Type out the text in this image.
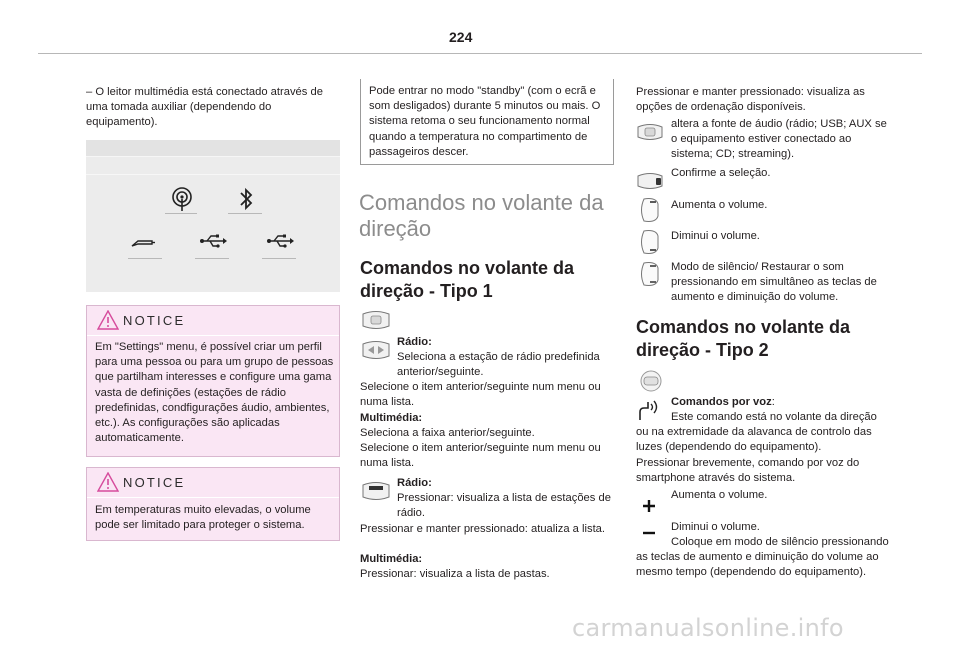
224
– O leitor multimédia está conectado através de uma tomada auxiliar (dependendo do equipamento).
NOTICE
Em "Settings" menu, é possível criar um perfil para uma pessoa ou para um grupo de pessoas que partilham interesses e configure uma gama vasta de definições (estações de rádio predefinidas, condfigurações áudio, ambientes, etc.). As configurações são aplicadas automaticamente.
NOTICE
Em temperaturas muito elevadas, o volume pode ser limitado para proteger o sistema.
Pode entrar no modo "standby" (com o ecrã e som desligados) durante 5 minutos ou mais. O sistema retoma o seu funcionamento normal quando a temperatura no compartimento de passageiros descer.
Comandos no volante da direção
Comandos no volante da direção - Tipo 1
Rádio:
Seleciona a estação de rádio predefinida anterior/seguinte.
Selecione o item anterior/seguinte num menu ou numa lista.
Multimédia:
Seleciona a faixa anterior/seguinte.
Selecione o item anterior/seguinte num menu ou numa lista.
Rádio:
Pressionar: visualiza a lista de estações de rádio.
Pressionar e manter pressionado: atualiza a lista.
Multimédia:
Pressionar: visualiza a lista de pastas.
Pressionar e manter pressionado: visualiza as opções de ordenação disponíveis.
altera a fonte de áudio (rádio; USB; AUX se o equipamento estiver conectado ao sistema; CD; streaming).
Confirme a seleção.
Aumenta o volume.
Diminui o volume.
Modo de silêncio/ Restaurar o som pressionando em simultâneo as teclas de aumento e diminuição do volume.
Comandos no volante da direção - Tipo 2
Comandos por voz:
Este comando está no volante da direção ou na extremidade da alavanca de controlo das luzes (dependendo do equipamento).
Pressionar brevemente, comando por voz do smartphone através do sistema.
Aumenta o volume.
Diminui o volume.
Coloque em modo de silêncio pressionando as teclas de aumento e diminuição do volume ao mesmo tempo (dependendo do equipamento).
carmanualsonline.info
